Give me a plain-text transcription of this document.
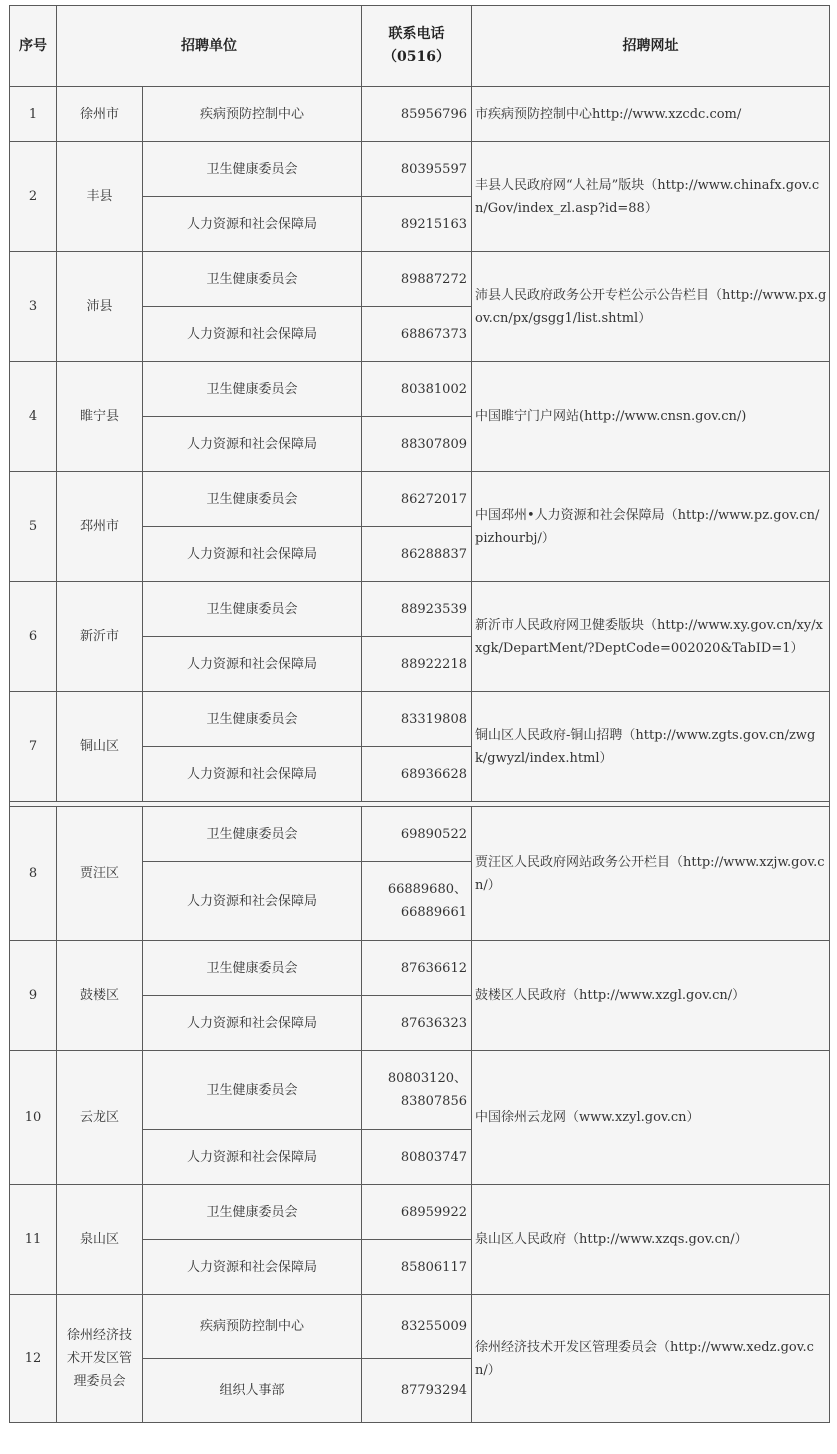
序号	招聘单位		联系电话（0516）	招聘网址
1	徐州市	疾病预防控制中心	85956796	市疾病预防控制中心http://www.xzcdc.com/
2	丰县	卫生健康委员会	80395597	丰县人民政府网“人社局”版块（http://www.chinafx.gov.cn/Gov/index_zl.asp?id=88）
		人力资源和社会保障局	89215163	
3	沛县	卫生健康委员会	89887272	沛县人民政府政务公开专栏公示公告栏目（http://www.px.gov.cn/px/gsgg1/list.shtml）
		人力资源和社会保障局	68867373	
4	睢宁县	卫生健康委员会	80381002	中国睢宁门户网站(http://www.cnsn.gov.cn/)
		人力资源和社会保障局	88307809	
5	邳州市	卫生健康委员会	86272017	中国邳州•人力资源和社会保障局（http://www.pz.gov.cn/pizhourbj/）
		人力资源和社会保障局	86288837	
6	新沂市	卫生健康委员会	88923539	新沂市人民政府网卫健委版块（http://www.xy.gov.cn/xy/xxgk/DepartMent/?DeptCode=002020&TabID=1）
		人力资源和社会保障局	88922218	
7	铜山区	卫生健康委员会	83319808	铜山区人民政府-铜山招聘（http://www.zgts.gov.cn/zwgk/gwyzl/index.html）
		人力资源和社会保障局	68936628	

8	贾汪区	卫生健康委员会	69890522	贾汪区人民政府网站政务公开栏目（http://www.xzjw.gov.cn/）
		人力资源和社会保障局	66889680、66889661	
9	鼓楼区	卫生健康委员会	87636612	鼓楼区人民政府（http://www.xzgl.gov.cn/）
		人力资源和社会保障局	87636323	
10	云龙区	卫生健康委员会	80803120、83807856	中国徐州云龙网（www.xzyl.gov.cn）
		人力资源和社会保障局	80803747	
11	泉山区	卫生健康委员会	68959922	泉山区人民政府（http://www.xzqs.gov.cn/）
		人力资源和社会保障局	85806117	
12	徐州经济技术开发区管理委员会	疾病预防控制中心	83255009	徐州经济技术开发区管理委员会（http://www.xedz.gov.cn/）
		组织人事部	87793294	
